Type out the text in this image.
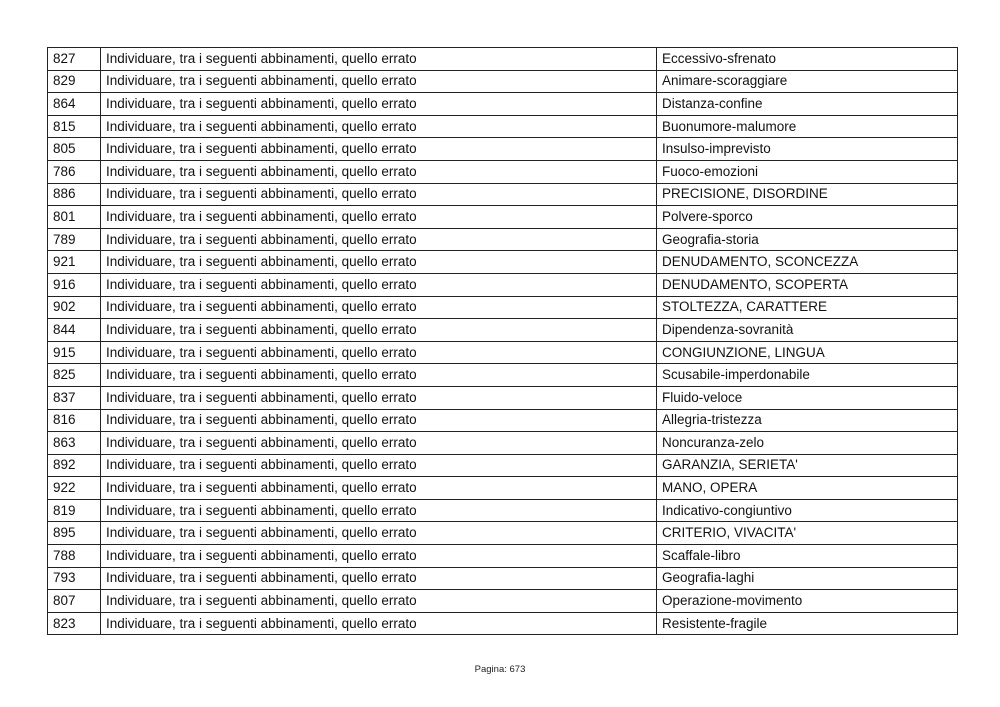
827	Individuare, tra i seguenti abbinamenti, quello errato	Eccessivo-sfrenato
829	Individuare, tra i seguenti abbinamenti, quello errato	Animare-scoraggiare
864	Individuare, tra i seguenti abbinamenti, quello errato	Distanza-confine
815	Individuare, tra i seguenti abbinamenti, quello errato	Buonumore-malumore
805	Individuare, tra i seguenti abbinamenti, quello errato	Insulso-imprevisto
786	Individuare, tra i seguenti abbinamenti, quello errato	Fuoco-emozioni
886	Individuare, tra i seguenti abbinamenti, quello errato	PRECISIONE, DISORDINE
801	Individuare, tra i seguenti abbinamenti, quello errato	Polvere-sporco
789	Individuare, tra i seguenti abbinamenti, quello errato	Geografia-storia
921	Individuare, tra i seguenti abbinamenti, quello errato	DENUDAMENTO, SCONCEZZA
916	Individuare, tra i seguenti abbinamenti, quello errato	DENUDAMENTO, SCOPERTA
902	Individuare, tra i seguenti abbinamenti, quello errato	STOLTEZZA, CARATTERE
844	Individuare, tra i seguenti abbinamenti, quello errato	Dipendenza-sovranità
915	Individuare, tra i seguenti abbinamenti, quello errato	CONGIUNZIONE, LINGUA
825	Individuare, tra i seguenti abbinamenti, quello errato	Scusabile-imperdonabile
837	Individuare, tra i seguenti abbinamenti, quello errato	Fluido-veloce
816	Individuare, tra i seguenti abbinamenti, quello errato	Allegria-tristezza
863	Individuare, tra i seguenti abbinamenti, quello errato	Noncuranza-zelo
892	Individuare, tra i seguenti abbinamenti, quello errato	GARANZIA, SERIETA'
922	Individuare, tra i seguenti abbinamenti, quello errato	MANO, OPERA
819	Individuare, tra i seguenti abbinamenti, quello errato	Indicativo-congiuntivo
895	Individuare, tra i seguenti abbinamenti, quello errato	CRITERIO, VIVACITA'
788	Individuare, tra i seguenti abbinamenti, quello errato	Scaffale-libro
793	Individuare, tra i seguenti abbinamenti, quello errato	Geografia-laghi
807	Individuare, tra i seguenti abbinamenti, quello errato	Operazione-movimento
823	Individuare, tra i seguenti abbinamenti, quello errato	Resistente-fragile
Pagina: 673
